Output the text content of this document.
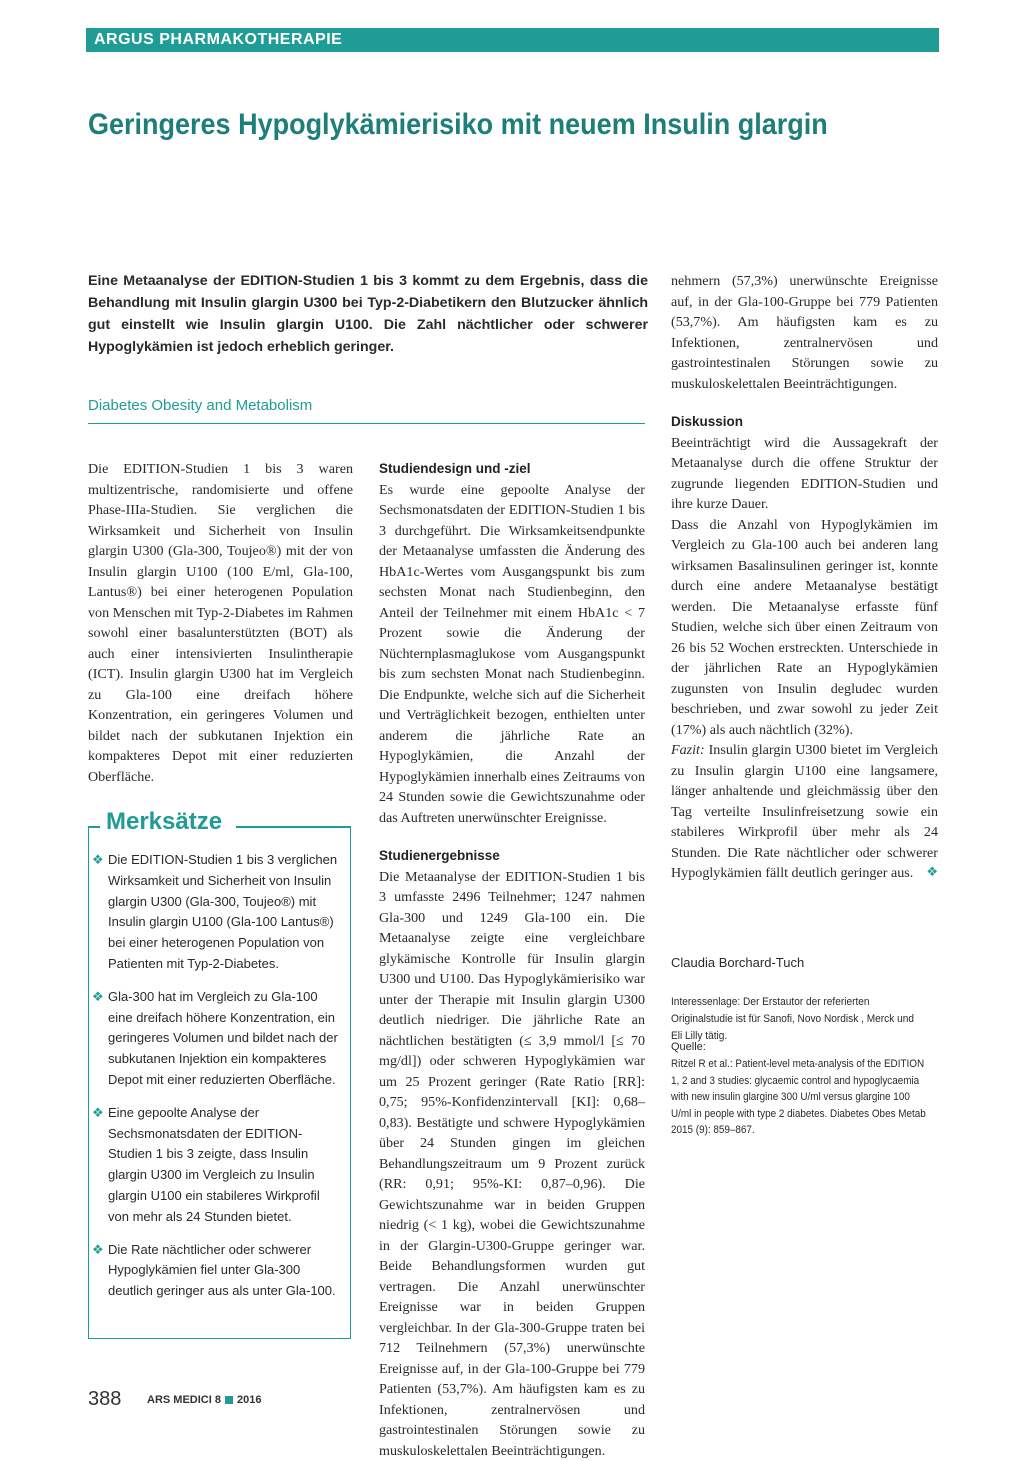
ARGUS PHARMAKOTHERAPIE
Geringeres Hypoglykämierisiko mit neuem Insulin glargin
Eine Metaanalyse der EDITION-Studien 1 bis 3 kommt zu dem Ergebnis, dass die Behandlung mit Insulin glargin U300 bei Typ-2-Diabetikern den Blutzucker ähnlich gut einstellt wie Insulin glargin U100. Die Zahl nächtlicher oder schwerer Hypoglykämien ist jedoch erheblich geringer.
Diabetes Obesity and Metabolism

Die EDITION-Studien 1 bis 3 waren multizentrische, randomisierte und offene Phase-IIIa-Studien. Sie verglichen die Wirksamkeit und Sicherheit von Insulin glargin U300 (Gla-300, Toujeo®) mit der von Insulin glargin U100 (100 E/ml, Gla-100, Lantus®) bei einer heterogenen Population von Menschen mit Typ-2-Diabetes im Rahmen sowohl einer basalunterstützten (BOT) als auch einer intensivierten Insulintherapie (ICT). Insulin glargin U300 hat im Vergleich zu Gla-100 eine dreifach höhere Konzentration, ein geringeres Volumen und bildet nach der subkutanen Injektion ein kompakteres Depot mit einer reduzierten Oberfläche.

Merksätze
❖ Die EDITION-Studien 1 bis 3 verglichen Wirksamkeit und Sicherheit von Insulin glargin U300 (Gla-300, Toujeo®) mit Insulin glargin U100 (Gla-100 Lantus®) bei einer heterogenen Population von Patienten mit Typ-2-Diabetes.
❖ Gla-300 hat im Vergleich zu Gla-100 eine dreifach höhere Konzentration, ein geringeres Volumen und bildet nach der subkutanen Injektion ein kompakteres Depot mit einer reduzierten Oberfläche.
❖ Eine gepoolte Analyse der Sechsmonatsdaten der EDITION-Studien 1 bis 3 zeigte, dass Insulin glargin U300 im Vergleich zu Insulin glargin U100 ein stabileres Wirkprofil von mehr als 24 Stunden bietet.
❖ Die Rate nächtlicher oder schwerer Hypoglykämien fiel unter Gla-300 deutlich geringer aus als unter Gla-100.
Studiendesign und -ziel

Es wurde eine gepoolte Analyse der Sechsmonatsdaten der EDITION-Studien 1 bis 3 durchgeführt. Die Wirksamkeitsendpunkte der Metaanalyse umfassten die Änderung des HbA1c-Wertes vom Ausgangspunkt bis zum sechsten Monat nach Studienbeginn, den Anteil der Teilnehmer mit einem HbA1c < 7 Prozent sowie die Änderung der Nüchternplasmaglukose vom Ausgangspunkt bis zum sechsten Monat nach Studienbeginn. Die Endpunkte, welche sich auf die Sicherheit und Verträglichkeit bezogen, enthielten unter anderem die jährliche Rate an Hypoglykämien, die Anzahl der Hypoglykämien innerhalb eines Zeitraums von 24 Stunden sowie die Gewichtszunahme oder das Auftreten unerwünschter Ereignisse.

Studienergebnisse

Die Metaanalyse der EDITION-Studien 1 bis 3 umfasste 2496 Teilnehmer; 1247 nahmen Gla-300 und 1249 Gla-100 ein. Die Metaanalyse zeigte eine vergleichbare glykämische Kontrolle für Insulin glargin U300 und U100. Das Hypoglykämierisiko war unter der Therapie mit Insulin glargin U300 deutlich niedriger. Die jährliche Rate an nächtlichen bestätigten (≤ 3,9 mmol/l [≤ 70 mg/dl]) oder schweren Hypoglykämien war um 25 Prozent geringer (Rate Ratio [RR]: 0,75; 95%-Konfidenzintervall [KI]: 0,68–0,83). Bestätigte und schwere Hypoglykämien über 24 Stunden gingen im gleichen Behandlungszeitraum um 9 Prozent zurück (RR: 0,91; 95%-KI: 0,87–0,96). Die Gewichtszunahme war in beiden Gruppen niedrig (< 1 kg), wobei die Gewichtszunahme in der Glargin-U300-Gruppe geringer war. Beide Behandlungsformen wurden gut vertragen. Die Anzahl unerwünschter Ereignisse war in beiden Gruppen vergleichbar. In der Gla-300-Gruppe traten bei 712 Teilnehmern (57,3%) unerwünschte Ereignisse auf, in der Gla-100-Gruppe bei 779 Patienten (53,7%). Am häufigsten kam es zu Infektionen, zentralnervösen und gastrointestinalen Störungen sowie zu muskuloskelettalen Beeinträchtigungen.

nehmern (57,3%) unerwünschte Ereignisse auf, in der Gla-100-Gruppe bei 779 Patienten (53,7%). Am häufigsten kam es zu Infektionen, zentralnervösen und gastrointestinalen Störungen sowie zu muskuloskelettalen Beeinträchtigungen.

Diskussion

Beeinträchtigt wird die Aussagekraft der Metaanalyse durch die offene Struktur der zugrunde liegenden EDITION-Studien und ihre kurze Dauer.

Dass die Anzahl von Hypoglykämien im Vergleich zu Gla-100 auch bei anderen lang wirksamen Basalinsulinen geringer ist, konnte durch eine andere Metaanalyse bestätigt werden. Die Metaanalyse erfasste fünf Studien, welche sich über einen Zeitraum von 26 bis 52 Wochen erstreckten. Unterschiede in der jährlichen Rate an Hypoglykämien zugunsten von Insulin degludec wurden beschrieben, und zwar sowohl zu jeder Zeit (17%) als auch nächtlich (32%).

Fazit: Insulin glargin U300 bietet im Vergleich zu Insulin glargin U100 eine langsamere, länger anhaltende und gleichmässig über den Tag verteilte Insulinfreisetzung sowie ein stabileres Wirkprofil über mehr als 24 Stunden. Die Rate nächtlicher oder schwerer Hypoglykämien fällt deutlich geringer aus. ❖

Claudia Borchard-Tuch
Interessenlage: Der Erstautor der referierten Originalstudie ist für Sanofi, Novo Nordisk , Merck und Eli Lilly tätig.
Quelle:
Ritzel R et al.: Patient-level meta-analysis of the EDITION 1, 2 and 3 studies: glycaemic control and hypoglycaemia with new insulin glargine 300 U/ml versus glargine 100 U/ml in people with type 2 diabetes. Diabetes Obes Metab 2015 (9): 859–867.
388 ARS MEDICI 8 2016
